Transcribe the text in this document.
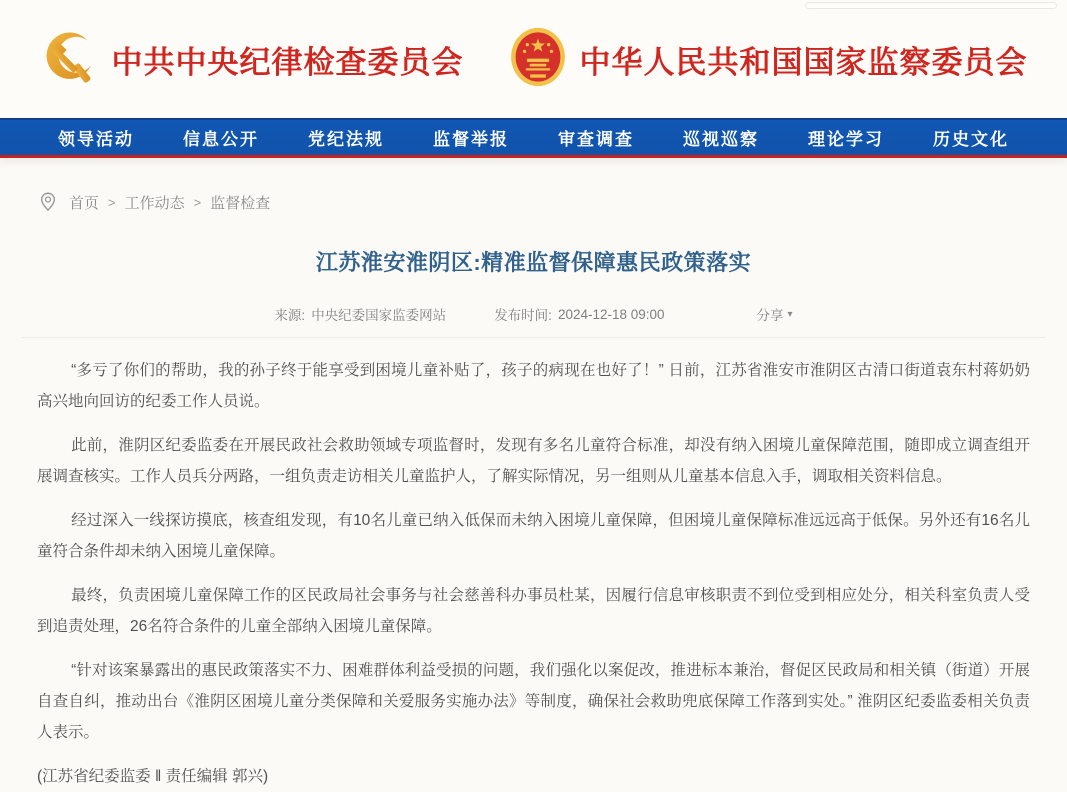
中共中央纪律检查委员会	中华人民共和国国家监察委员会
领导活动	信息公开	党纪法规	监督举报	审查调查	巡视巡察	理论学习	历史文化
首页 > 工作动态 > 监督检查
江苏淮安淮阴区:精准监督保障惠民政策落实
来源: 中央纪委国家监委网站	发布时间: 2024-12-18 09:00	分享 ▾

“多亏了你们的帮助，我的孙子终于能享受到困境儿童补贴了，孩子的病现在也好了！” 日前，江苏省淮安市淮阴区古清口街道袁东村蒋奶奶高兴地向回访的纪委工作人员说。

此前，淮阴区纪委监委在开展民政社会救助领域专项监督时，发现有多名儿童符合标准，却没有纳入困境儿童保障范围，随即成立调查组开展调查核实。工作人员兵分两路，一组负责走访相关儿童监护人，了解实际情况，另一组则从儿童基本信息入手，调取相关资料信息。

经过深入一线探访摸底，核查组发现，有10名儿童已纳入低保而未纳入困境儿童保障，但困境儿童保障标准远远高于低保。另外还有16名儿童符合条件却未纳入困境儿童保障。

最终，负责困境儿童保障工作的区民政局社会事务与社会慈善科办事员杜某，因履行信息审核职责不到位受到相应处分，相关科室负责人受到追责处理，26名符合条件的儿童全部纳入困境儿童保障。

“针对该案暴露出的惠民政策落实不力、困难群体利益受损的问题，我们强化以案促改，推进标本兼治，督促区民政局和相关镇（街道）开展自查自纠，推动出台《淮阴区困境儿童分类保障和关爱服务实施办法》等制度，确保社会救助兜底保障工作落到实处。” 淮阴区纪委监委相关负责人表示。

(江苏省纪委监委 ‖ 责任编辑 郭兴)
